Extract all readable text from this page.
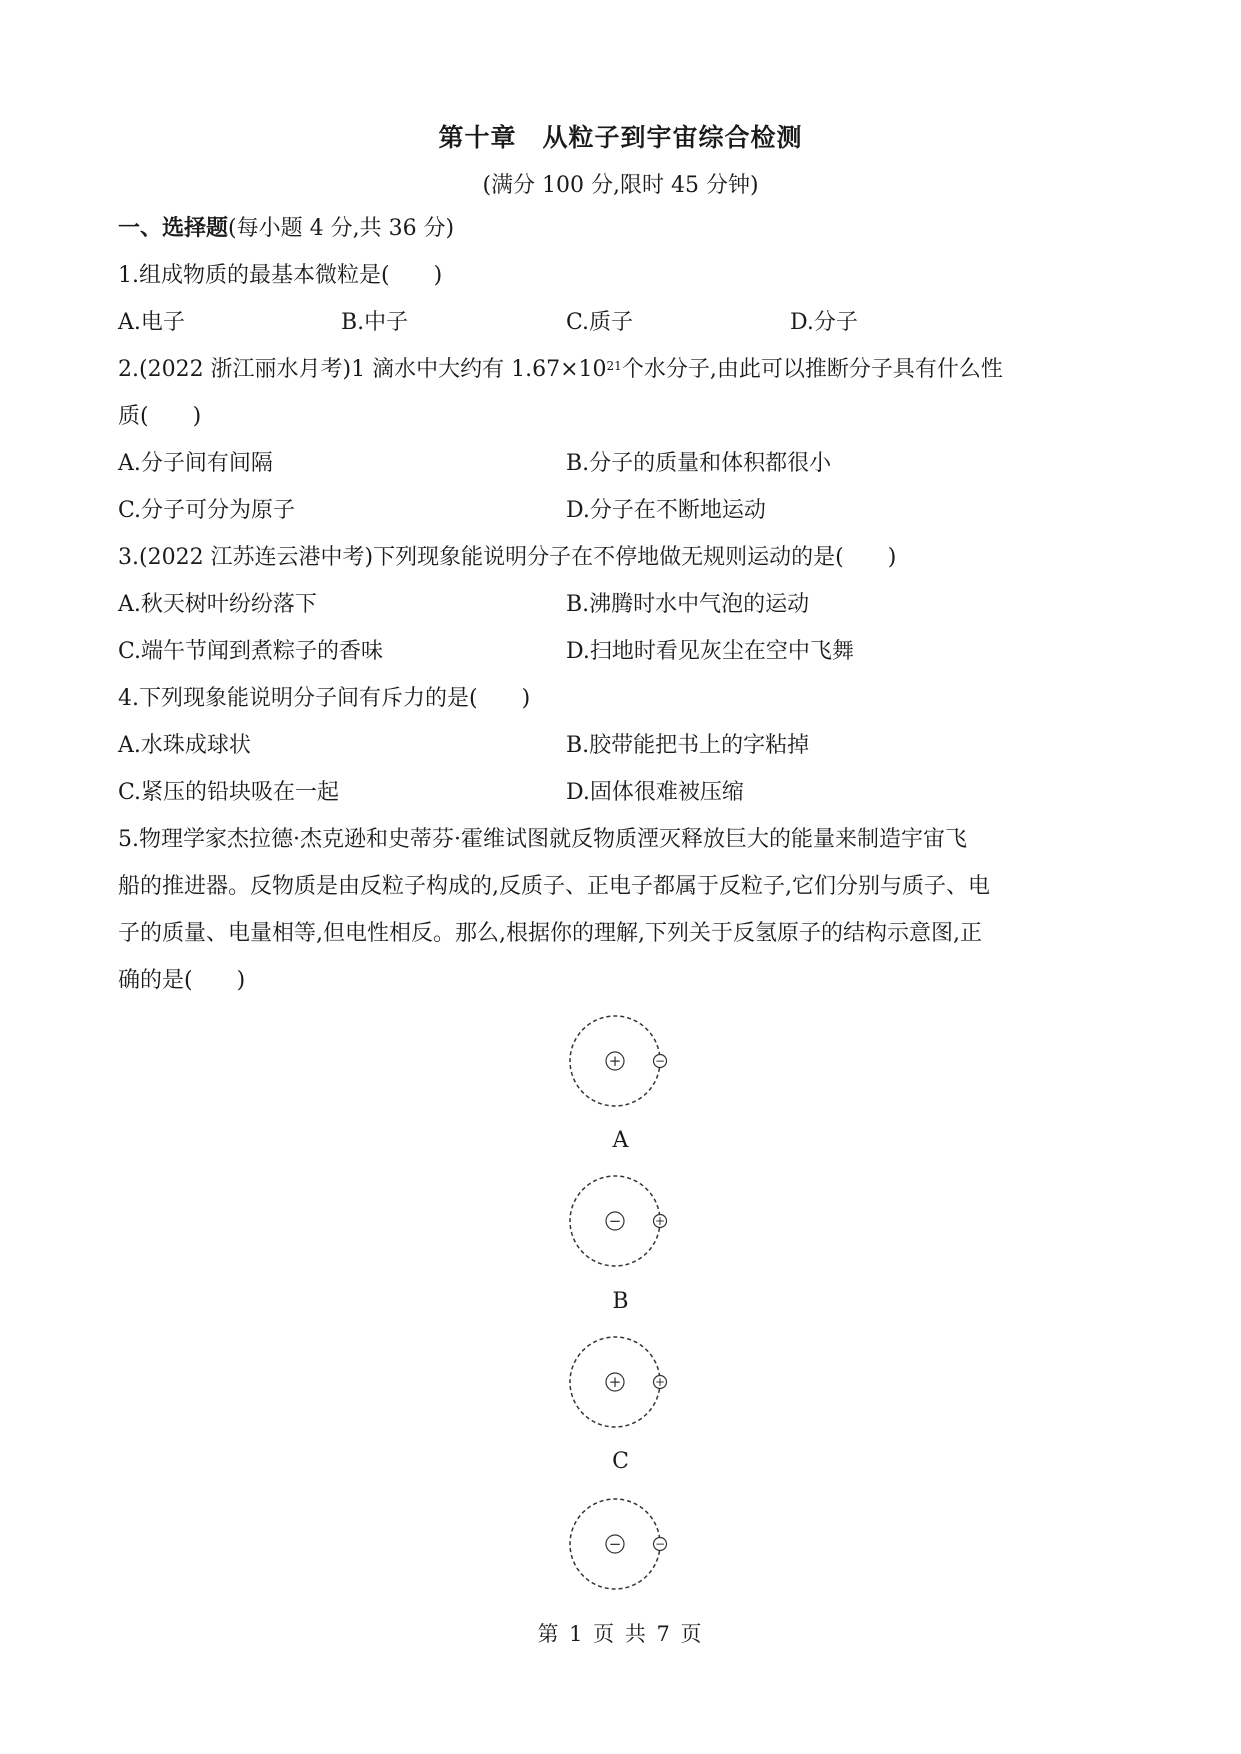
第十章　从粒子到宇宙综合检测
(满分 100 分,限时 45 分钟)
一、选择题(每小题 4 分,共 36 分)
1.组成物质的最基本微粒是(　　)
A.电子	B.中子	C.质子	D.分子
2.(2022 浙江丽水月考)1 滴水中大约有 $1.67\times 10^{21}$个水分子,由此可以推断分子具有什么性
质(　　)
A.分子间有间隔	B.分子的质量和体积都很小
C.分子可分为原子	D.分子在不断地运动
3.(2022 江苏连云港中考)下列现象能说明分子在不停地做无规则运动的是(　　)
A.秋天树叶纷纷落下	B.沸腾时水中气泡的运动
C.端午节闻到煮粽子的香味	D.扫地时看见灰尘在空中飞舞
4.下列现象能说明分子间有斥力的是(　　)
A.水珠成球状	B.胶带能把书上的字粘掉
C.紧压的铅块吸在一起	D.固体很难被压缩
5.物理学家杰拉德·杰克逊和史蒂芬·霍维试图就反物质湮灭释放巨大的能量来制造宇宙飞
船的推进器。反物质是由反粒子构成的,反质子、正电子都属于反粒子,它们分别与质子、电
子的质量、电量相等,但电性相反。那么,根据你的理解,下列关于反氢原子的结构示意图,正
确的是(　　)
+	−
A
−	+
B
+	+
C
−	−
第 1 页 共 7 页
